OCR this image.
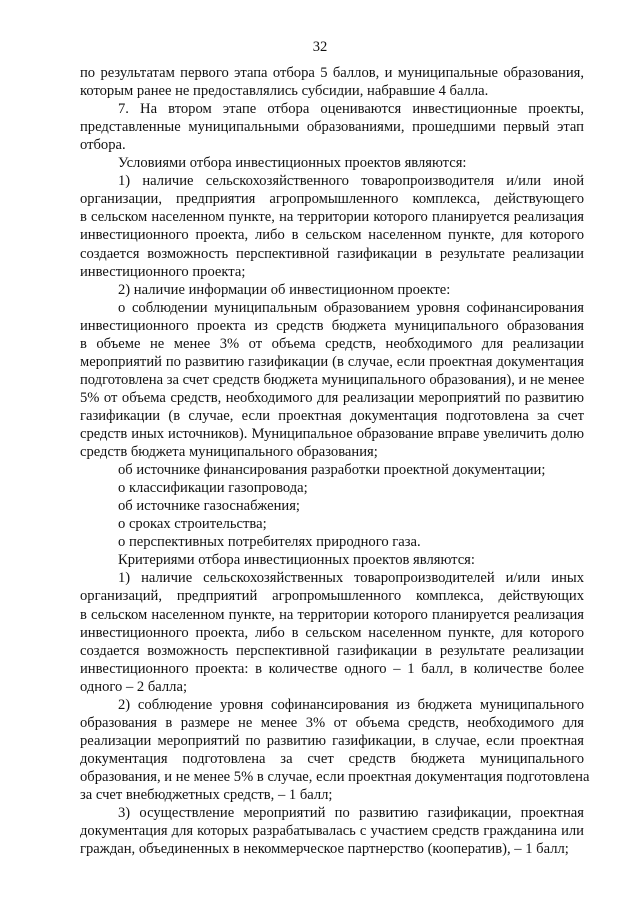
32
по результатам первого этапа отбора 5 баллов, и муниципальные образования,
которым ранее не предоставлялись субсидии, набравшие 4 балла.
7. На втором этапе отбора оцениваются инвестиционные проекты,
представленные муниципальными образованиями, прошедшими первый этап
отбора.
Условиями отбора инвестиционных проектов являются:
1) наличие сельскохозяйственного товаропроизводителя и/или иной
организации, предприятия агропромышленного комплекса, действующего
в сельском населенном пункте, на территории которого планируется реализация
инвестиционного проекта, либо в сельском населенном пункте, для которого
создается возможность перспективной газификации в результате реализации
инвестиционного проекта;
2) наличие информации об инвестиционном проекте:
о соблюдении муниципальным образованием уровня софинансирования
инвестиционного проекта из средств бюджета муниципального образования
в объеме не менее 3% от объема средств, необходимого для реализации
мероприятий по развитию газификации (в случае, если проектная документация
подготовлена за счет средств бюджета муниципального образования), и не менее
5% от объема средств, необходимого для реализации мероприятий по развитию
газификации (в случае, если проектная документация подготовлена за счет
средств иных источников). Муниципальное образование вправе увеличить долю
средств бюджета муниципального образования;
об источнике финансирования разработки проектной документации;
о классификации газопровода;
об источнике газоснабжения;
о сроках строительства;
о перспективных потребителях природного газа.
Критериями отбора инвестиционных проектов являются:
1) наличие сельскохозяйственных товаропроизводителей и/или иных
организаций, предприятий агропромышленного комплекса, действующих
в сельском населенном пункте, на территории которого планируется реализация
инвестиционного проекта, либо в сельском населенном пункте, для которого
создается возможность перспективной газификации в результате реализации
инвестиционного проекта: в количестве одного – 1 балл, в количестве более
одного – 2 балла;
2) соблюдение уровня софинансирования из бюджета муниципального
образования в размере не менее 3% от объема средств, необходимого для
реализации мероприятий по развитию газификации, в случае, если проектная
документация подготовлена за счет средств бюджета муниципального
образования, и не менее 5% в случае, если проектная документация подготовлена
за счет внебюджетных средств, – 1 балл;
3) осуществление мероприятий по развитию газификации, проектная
документация для которых разрабатывалась с участием средств гражданина или
граждан, объединенных в некоммерческое партнерство (кооператив), – 1 балл;
